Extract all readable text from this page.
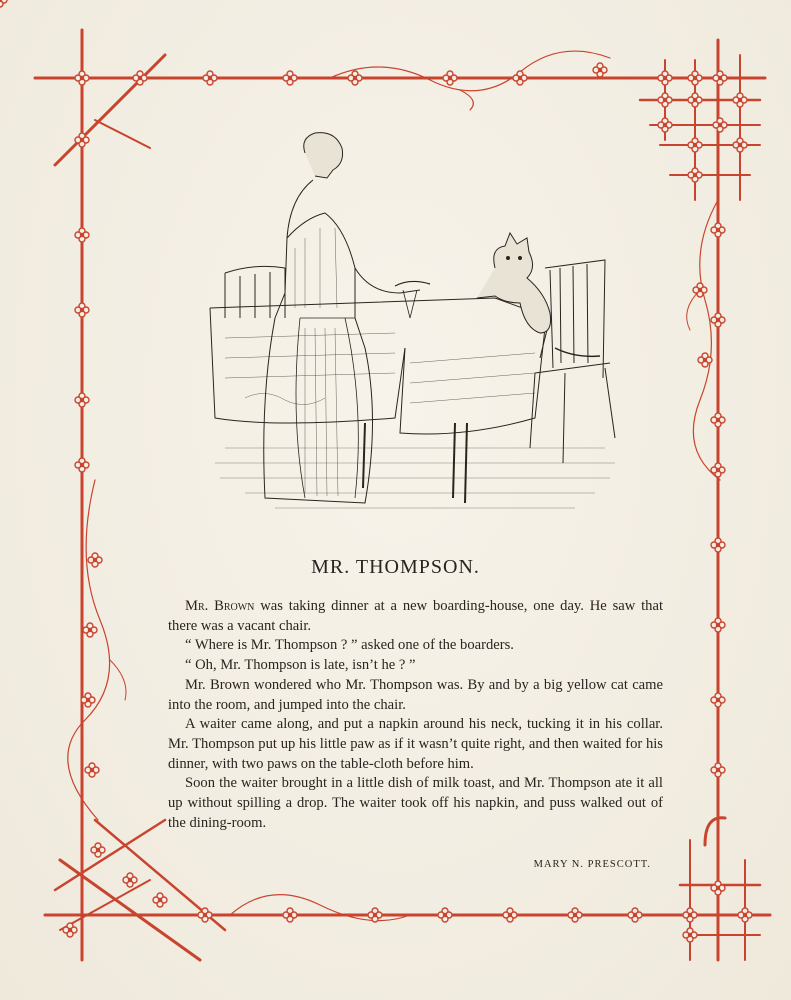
MR. THOMPSON.

Mr. Brown was taking dinner at a new boarding-house, one day. He saw that there was a vacant chair.

“ Where is Mr. Thompson ? ” asked one of the boarders.

“ Oh, Mr. Thompson is late, isn’t he ? ”

Mr. Brown wondered who Mr. Thompson was. By and by a big yellow cat came into the room, and jumped into the chair.

A waiter came along, and put a napkin around his neck, tucking it in his collar. Mr. Thompson put up his little paw as if it wasn’t quite right, and then waited for his dinner, with two paws on the table-cloth before him.

Soon the waiter brought in a little dish of milk toast, and Mr. Thompson ate it all up without spilling a drop. The waiter took off his napkin, and puss walked out of the dining-room.

MARY N. PRESCOTT.
